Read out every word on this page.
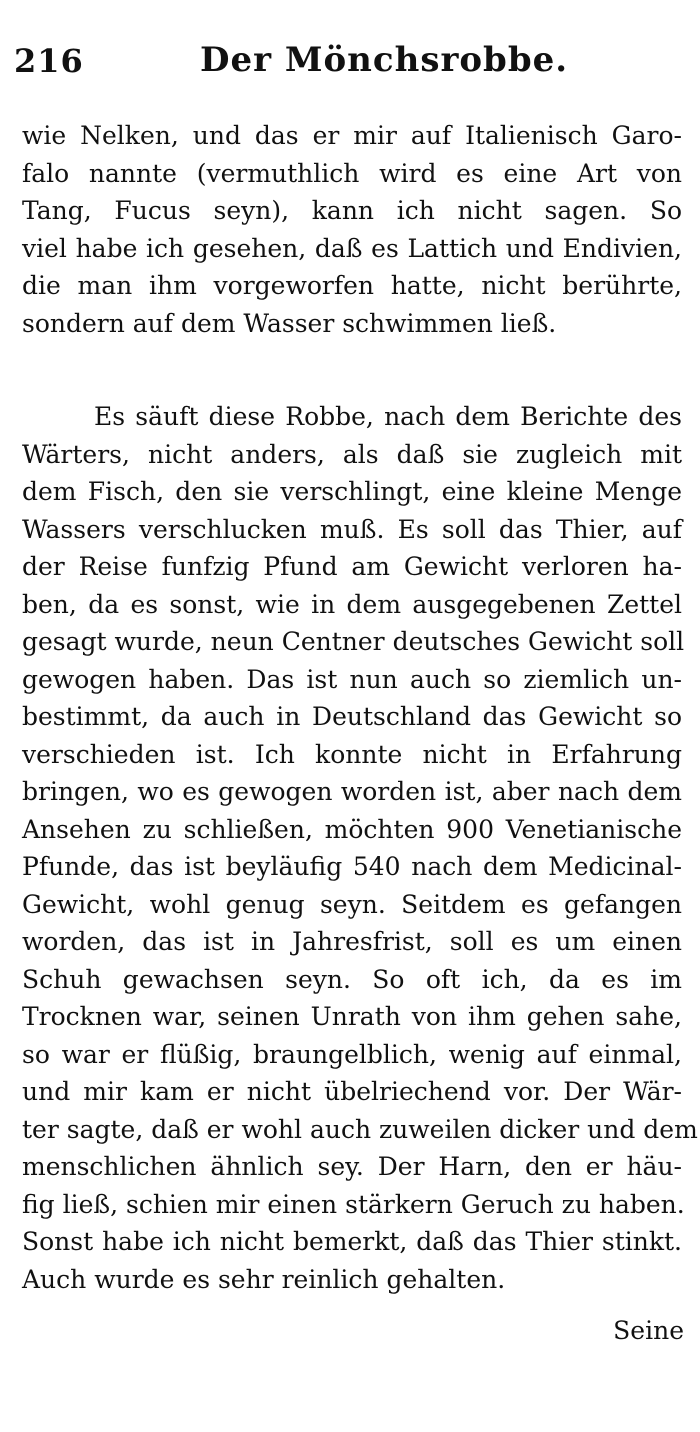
216	Der Mönchsrobbe.
wie Nelken, und das er mir auf Italienisch Garo-
falo nannte (vermuthlich wird es eine Art von
Tang, Fucus seyn), kann ich nicht sagen. So
viel habe ich gesehen, daß es Lattich und Endivien,
die man ihm vorgeworfen hatte, nicht berührte,
sondern auf dem Wasser schwimmen ließ.
Es säuft diese Robbe, nach dem Berichte des
Wärters, nicht anders, als daß sie zugleich mit
dem Fisch, den sie verschlingt, eine kleine Menge
Wassers verschlucken muß. Es soll das Thier, auf
der Reise funfzig Pfund am Gewicht verloren ha-
ben, da es sonst, wie in dem ausgegebenen Zettel
gesagt wurde, neun Centner deutsches Gewicht soll
gewogen haben. Das ist nun auch so ziemlich un-
bestimmt, da auch in Deutschland das Gewicht so
verschieden ist. Ich konnte nicht in Erfahrung
bringen, wo es gewogen worden ist, aber nach dem
Ansehen zu schließen, möchten 900 Venetianische
Pfunde, das ist beyläufig 540 nach dem Medicinal-
Gewicht, wohl genug seyn. Seitdem es gefangen
worden, das ist in Jahresfrist, soll es um einen
Schuh gewachsen seyn. So oft ich, da es im
Trocknen war, seinen Unrath von ihm gehen sahe,
so war er flüßig, braungelblich, wenig auf einmal,
und mir kam er nicht übelriechend vor. Der Wär-
ter sagte, daß er wohl auch zuweilen dicker und dem
menschlichen ähnlich sey. Der Harn, den er häu-
fig ließ, schien mir einen stärkern Geruch zu haben.
Sonst habe ich nicht bemerkt, daß das Thier stinkt.
Auch wurde es sehr reinlich gehalten.
Seine
